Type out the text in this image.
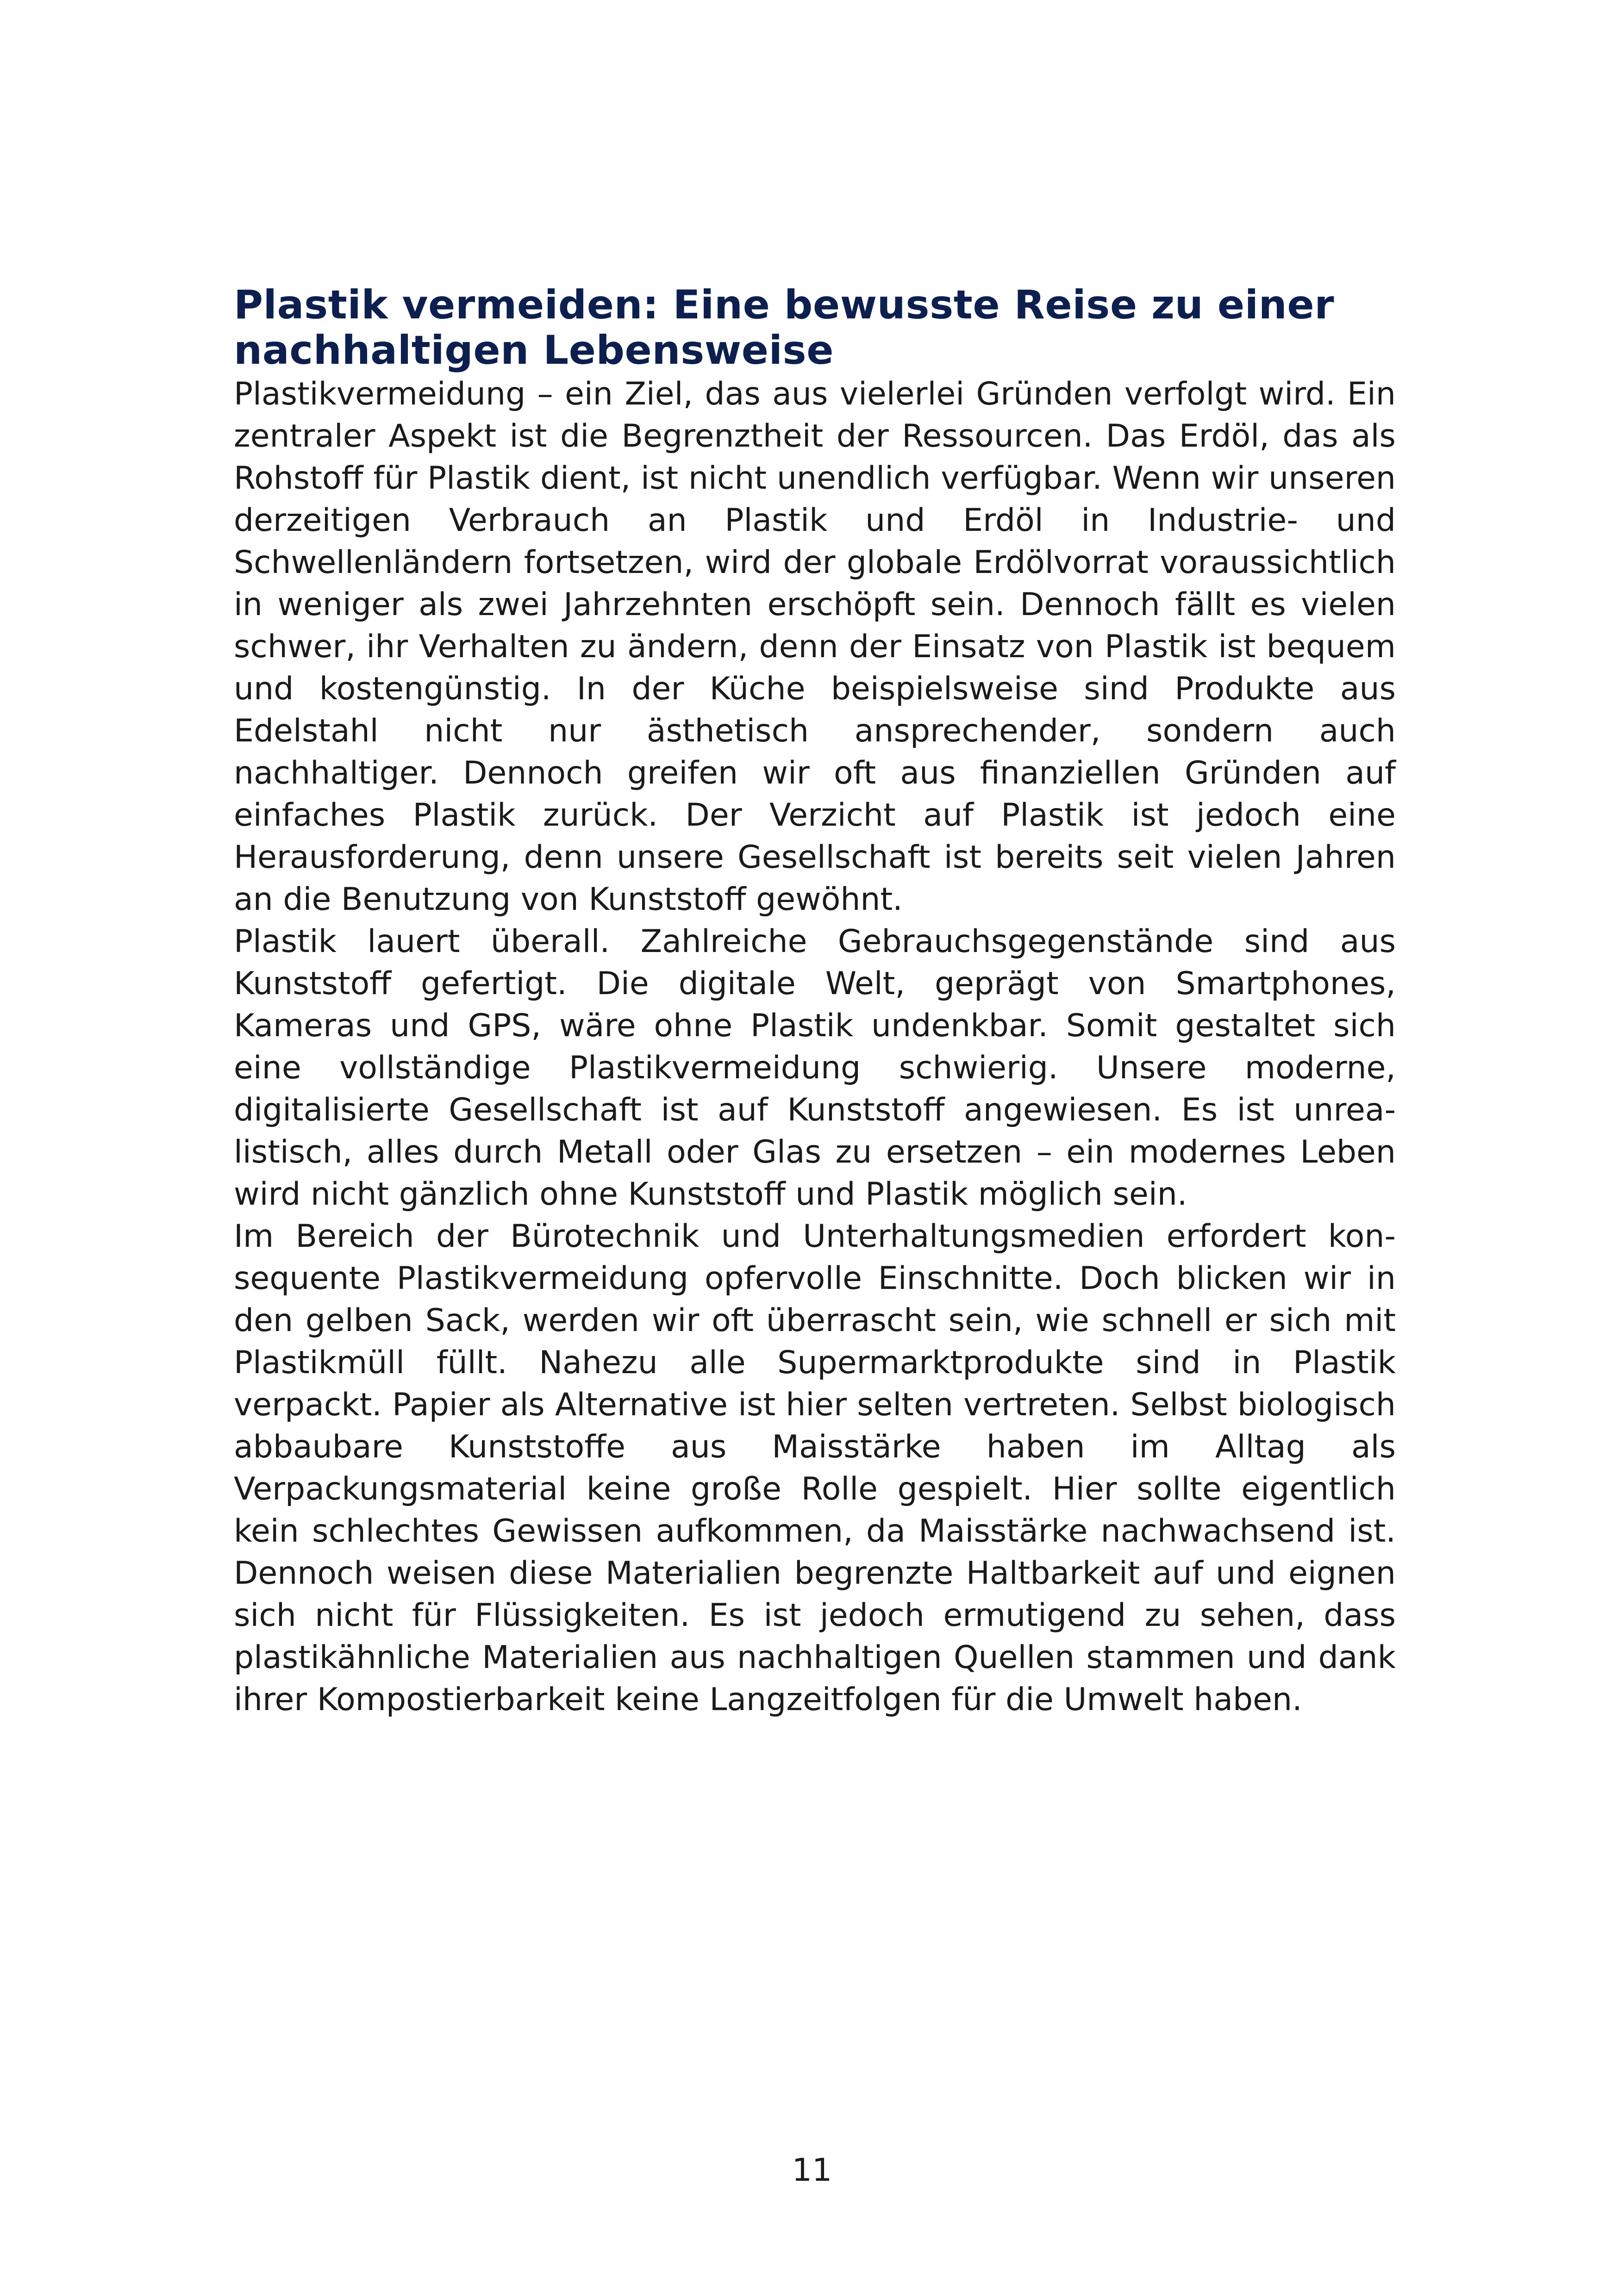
Plastik vermeiden: Eine bewusste Reise zu einer nachhaltigen Lebensweise

Plastikvermeidung – ein Ziel, das aus vielerlei Gründen verfolgt wird. Ein zentraler Aspekt ist die Begrenztheit der Ressourcen. Das Erdöl, das als Rohstoff für Plastik dient, ist nicht unendlich verfügbar. Wenn wir unseren derzeitigen Verbrauch an Plastik und Erdöl in Industrie- und Schwellenländern fortsetzen, wird der globale Erdölvorrat voraussichtlich in weniger als zwei Jahrzehnten erschöpft sein. Dennoch fällt es vielen schwer, ihr Verhalten zu ändern, denn der Einsatz von Plastik ist bequem und kostengünstig. In der Küche beispielsweise sind Produkte aus Edelstahl nicht nur ästhetisch ansprechender, sondern auch nachhaltiger. Dennoch greifen wir oft aus finanziellen Gründen auf einfaches Plastik zurück. Der Verzicht auf Plastik ist jedoch eine Herausforderung, denn unsere Gesellschaft ist bereits seit vielen Jahren an die Benutzung von Kunststoff gewöhnt.

Plastik lauert überall. Zahlreiche Gebrauchsgegenstände sind aus Kunststoff gefertigt. Die digitale Welt, geprägt von Smartphones, Kameras und GPS, wäre ohne Plastik undenkbar. Somit gestaltet sich eine vollständige Plastikvermeidung schwierig. Unsere moderne, digitalisierte Gesellschaft ist auf Kunststoff angewiesen. Es ist unrealistisch, alles durch Metall oder Glas zu ersetzen – ein modernes Leben wird nicht gänzlich ohne Kunststoff und Plastik möglich sein.

Im Bereich der Bürotechnik und Unterhaltungsmedien erfordert konsequente Plastikvermeidung opfervolle Einschnitte. Doch blicken wir in den gelben Sack, werden wir oft überrascht sein, wie schnell er sich mit Plastikmüll füllt. Nahezu alle Supermarktprodukte sind in Plastik verpackt. Papier als Alternative ist hier selten vertreten. Selbst biologisch abbaubare Kunststoffe aus Maisstärke haben im Alltag als Verpackungsmaterial keine große Rolle gespielt. Hier sollte eigentlich kein schlechtes Gewissen aufkommen, da Maisstärke nachwachsend ist. Dennoch weisen diese Materialien begrenzte Haltbarkeit auf und eignen sich nicht für Flüssigkeiten. Es ist jedoch ermutigend zu sehen, dass plastikähnliche Materialien aus nachhaltigen Quellen stammen und dank ihrer Kompostierbarkeit keine Langzeitfolgen für die Umwelt haben.

11
